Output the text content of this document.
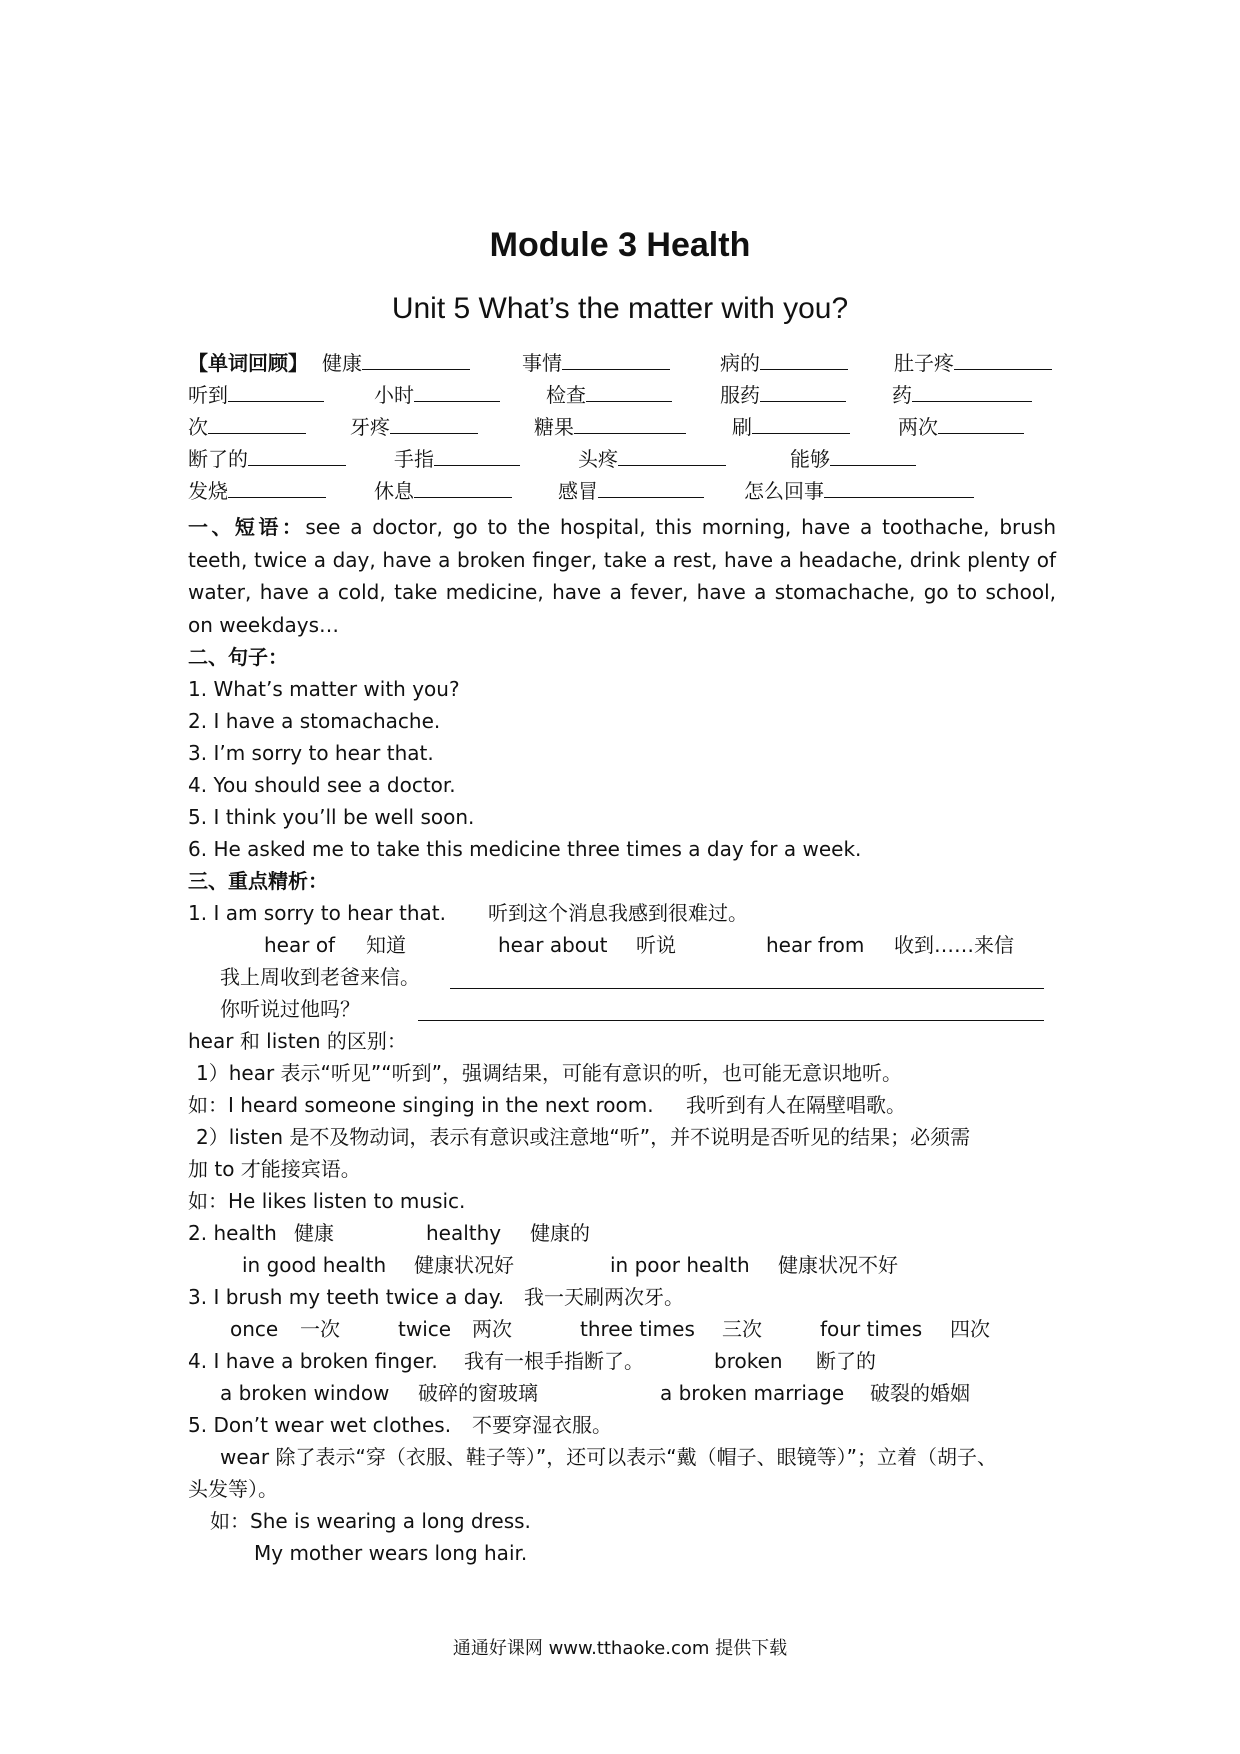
Module 3 Health
Unit 5 What’s the matter with you?
【单词回顾】 健康	事情	病的	肚子疼
听到	小时	检查	服药	药
次	牙疼	糖果	刷	两次
断了的	手指	头疼	能够
发烧	休息	感冒	怎么回事
一、短语：see a doctor, go to the hospital, this morning, have a toothache, brush teeth, twice a day, have a broken finger, take a rest, have a headache, drink plenty of water, have a cold, take medicine, have a fever, have a stomachache, go to school, on weekdays…
二、句子：
1. What’s matter with you?
2. I have a stomachache.
3. I’m sorry to hear that.
4. You should see a doctor.
5. I think you’ll be well soon.
6. He asked me to take this medicine three times a day for a week.
三、重点精析：
1. I am sorry to hear that. 听到这个消息我感到很难过。
hear of 知道	hear about 听说	hear from 收到……来信
我上周收到老爸来信。
你听说过他吗？
hear 和 listen 的区别：
1）hear 表示“听见”“听到”，强调结果，可能有意识的听，也可能无意识地听。
如：I heard someone singing in the next room. 我听到有人在隔壁唱歌。
2）listen 是不及物动词，表示有意识或注意地“听”，并不说明是否听见的结果；必须需
加 to 才能接宾语。
如：He likes listen to music.
2. health 健康	healthy 健康的
in good health 健康状况好	in poor health 健康状况不好
3. I brush my teeth twice a day. 我一天刷两次牙。
once 一次	twice 两次	three times 三次	four times 四次
4. I have a broken finger. 我有一根手指断了。	broken 断了的
a broken window 破碎的窗玻璃	a broken marriage 破裂的婚姻
5. Don’t wear wet clothes. 不要穿湿衣服。
wear 除了表示“穿（衣服、鞋子等）”，还可以表示“戴（帽子、眼镜等）”；立着（胡子、
头发等）。
如：She is wearing a long dress.
My mother wears long hair.
通通好课网 www.tthaoke.com 提供下载
